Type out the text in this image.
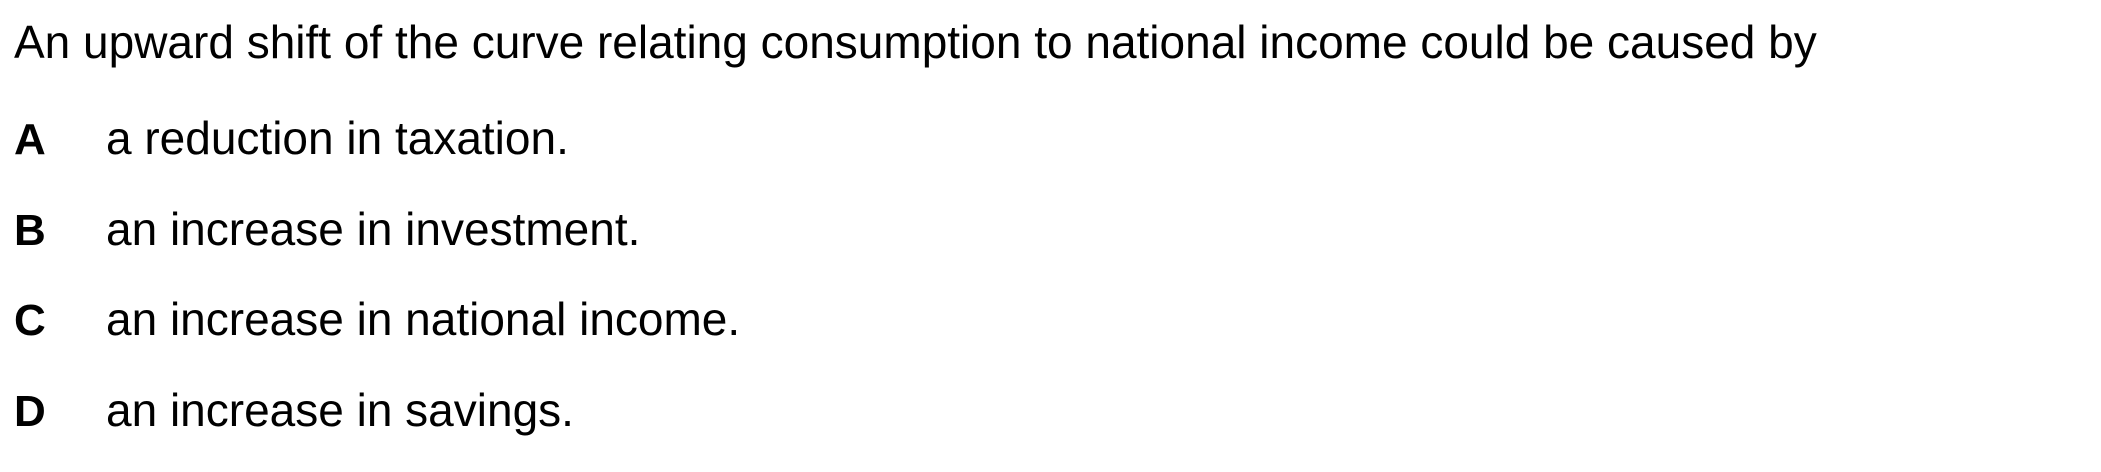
An upward shift of the curve relating consumption to national income could be caused by
A	a reduction in taxation.
B	an increase in investment.
C	an increase in national income.
D	an increase in savings.
